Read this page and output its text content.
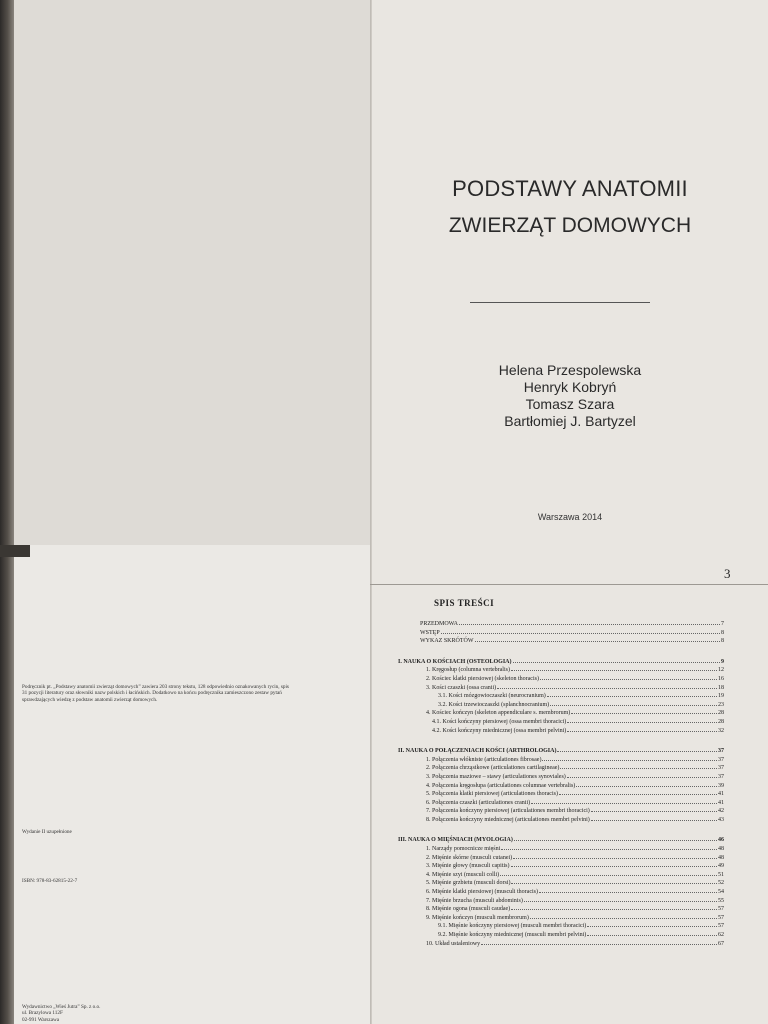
PODSTAWY ANATOMII
ZWIERZĄT DOMOWYCH
Helena Przespolewska
Henryk Kobryń
Tomasz Szara
Bartłomiej J. Bartyzel
Warszawa 2014
Podręcznik pt. „Podstawy anatomii zwierząt domowych” zawiera 203 strony tekstu, 128 odpowiednio oznakowanych rycin, spis 31 pozycji literatury oraz słowniki nazw polskich i łacińskich. Dodatkowo na końcu podręcznika zamieszczono zestaw pytań sprawdzających wiedzę z podstaw anatomii zwierząt domowych.
Wydanie II uzupełnione
ISBN: 978-83-62815-22-7
Wydawnictwo „Wieś Jutra” Sp. z o.o.
ul. Brazylowa 112F
02-991 Warszawa
3
SPIS TREŚCI
PRZEDMOWA	7
WSTĘP	8
WYKAZ SKRÓTÓW	8
I. NAUKA O KOŚCIACH (OSTEOLOGIA)	9
1. Kręgosłup (columna vertebralis)	12
2. Kościec klatki piersiowej (skeleton thoracis)	16
3. Kości czaszki (ossa cranii)	18
3.1. Kości mózgowioczaszki (neurocranium)	19
3.2. Kości trzewioczaszki (splanchnocranium)	23
4. Kościec kończyn (skeleton appendiculare s. membrorum)	28
4.1. Kości kończyny piersiowej (ossa membri thoracici)	28
4.2. Kości kończyny miednicznej (ossa membri pelvini)	32
II. NAUKA O POŁĄCZENIACH KOŚCI (ARTHROLOGIA)	37
1. Połączenia włókniste (articulationes fibrosae)	37
2. Połączenia chrząstkowe (articulationes cartilagineae)	37
3. Połączenia maziowe – stawy (articulationes synoviales)	37
4. Połączenia kręgosłupa (articulationes columnae vertebralis)	39
5. Połączenia klatki piersiowej (articulationes thoracis)	41
6. Połączenia czaszki (articulationes cranii)	41
7. Połączenia kończyny piersiowej (articulationes membri thoracici)	42
8. Połączenia kończyny miednicznej (articulationes membri pelvini)	43
III. NAUKA O MIĘŚNIACH (MYOLOGIA)	46
1. Narządy pomocnicze mięśni	48
2. Mięśnie skórne (musculi cutanei)	48
3. Mięśnie głowy (musculi capitis)	49
4. Mięśnie szyi (musculi colli)	51
5. Mięśnie grzbietu (musculi dorsi)	52
6. Mięśnie klatki piersiowej (musculi thoracis)	54
7. Mięśnie brzucha (musculi abdominis)	55
8. Mięśnie ogona (musculi caudae)	57
9. Mięśnie kończyn (musculi membrorum)	57
9.1. Mięśnie kończyny piersiowej (musculi membri thoracici)	57
9.2. Mięśnie kończyny miednicznej (musculi membri pelvini)	62
10. Układ ustaleniowy	67
